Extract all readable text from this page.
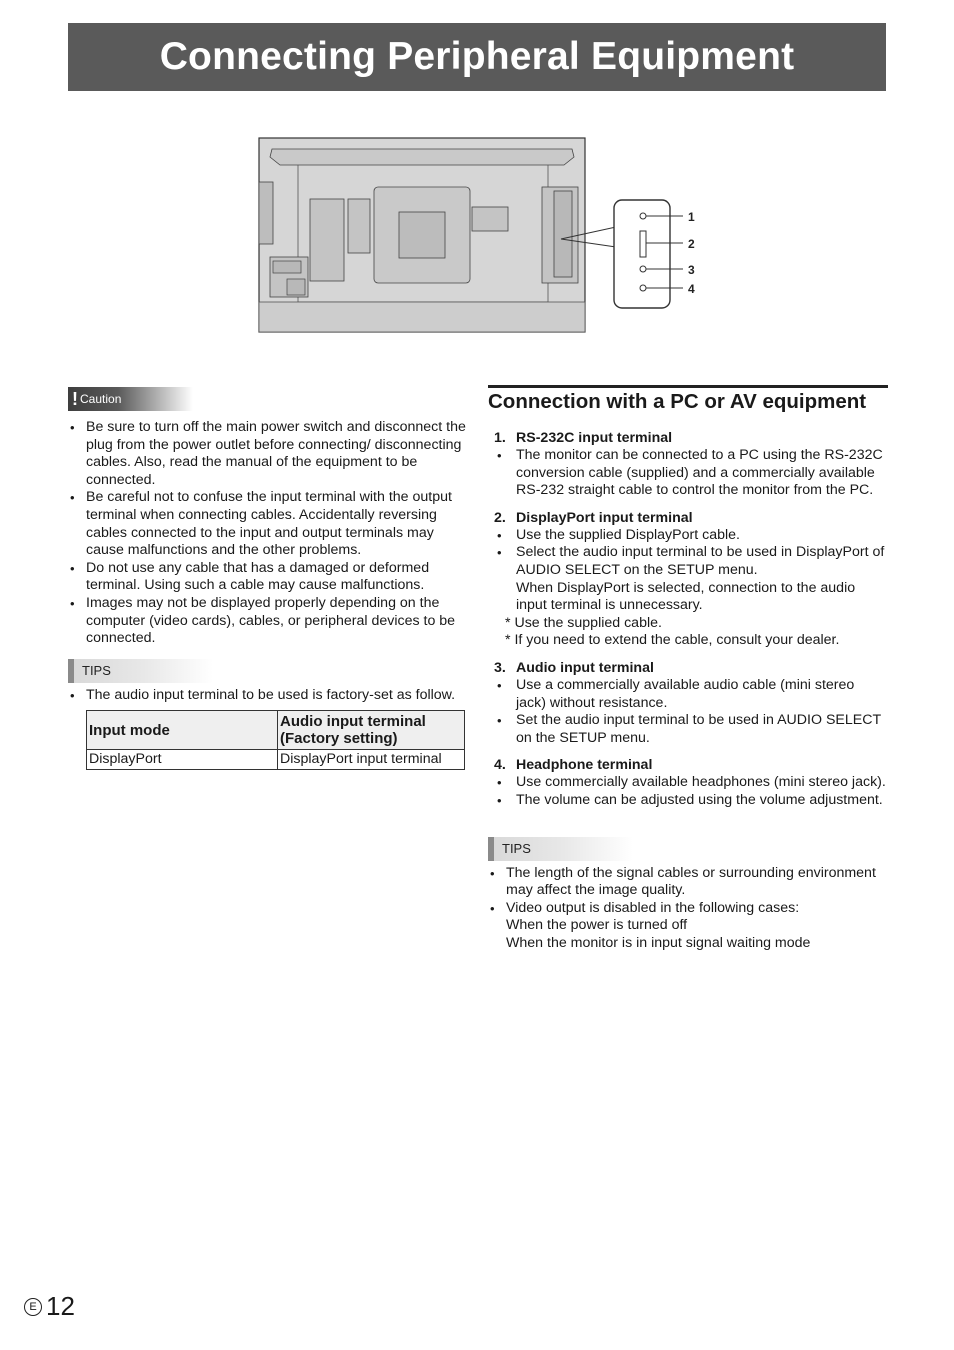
Connecting Peripheral Equipment
1
2
3
4
! Caution
• Be sure to turn off the main power switch and disconnect the plug from the power outlet before connecting/ disconnecting cables. Also, read the manual of the equipment to be connected.
• Be careful not to confuse the input terminal with the output terminal when connecting cables. Accidentally reversing cables connected to the input and output terminals may cause malfunctions and the other problems.
• Do not use any cable that has a damaged or deformed terminal. Using such a cable may cause malfunctions.
• Images may not be displayed properly depending on the computer (video cards), cables, or peripheral devices to be connected.
TIPS
• The audio input terminal to be used is factory-set as follow.
Input mode	Audio input terminal (Factory setting)
DisplayPort	DisplayPort input terminal
Connection with a PC or AV equipment

1. RS-232C input terminal

• The monitor can be connected to a PC using the RS-232C conversion cable (supplied) and a commercially available RS-232 straight cable to control the monitor from the PC.

2. DisplayPort input terminal

• Use the supplied DisplayPort cable.
• Select the audio input terminal to be used in DisplayPort of AUDIO SELECT on the SETUP menu.
When DisplayPort is selected, connection to the audio input terminal is unnecessary.
* Use the supplied cable.
* If you need to extend the cable, consult your dealer.

3. Audio input terminal

• Use a commercially available audio cable (mini stereo jack) without resistance.
• Set the audio input terminal to be used in AUDIO SELECT on the SETUP menu.

4. Headphone terminal

• Use commercially available headphones (mini stereo jack).
• The volume can be adjusted using the volume adjustment.
TIPS
• The length of the signal cables or surrounding environment may affect the image quality.
• Video output is disabled in the following cases:
When the power is turned off
When the monitor is in input signal waiting mode
E 12
